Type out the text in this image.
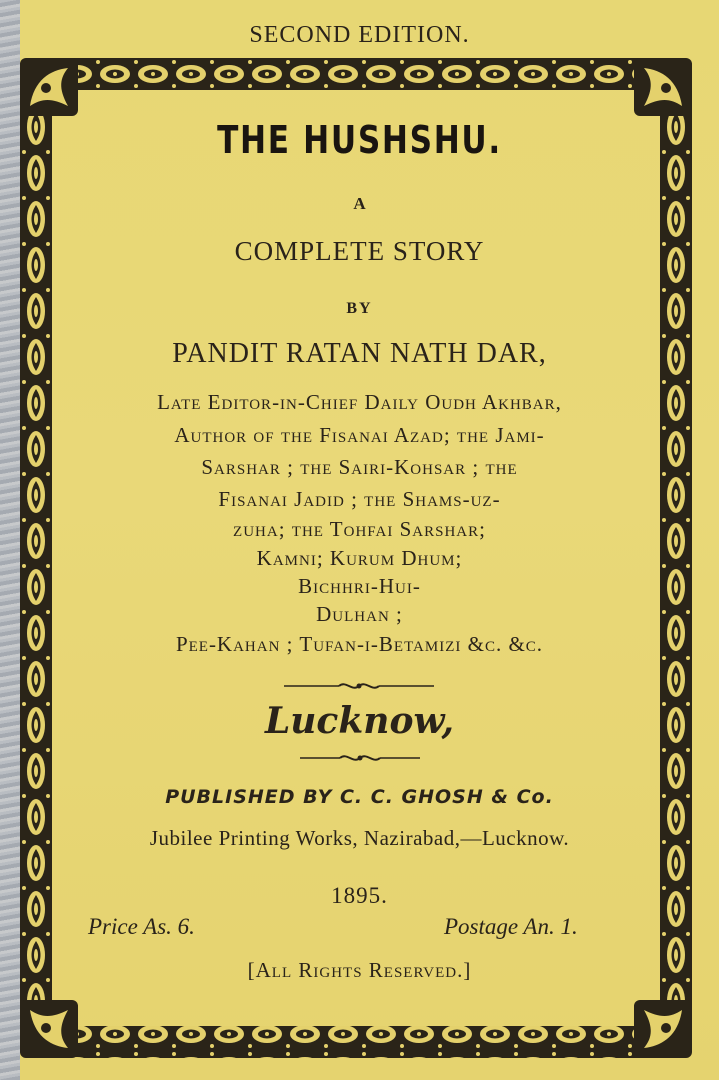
SECOND EDITION.
THE HUSHSHU.
A
COMPLETE STORY
BY
PANDIT RATAN NATH DAR,
Late Editor-in-Chief Daily Oudh Akhbar,
Author of the Fisanai Azad; the Jami-
Sarshar ; the Sairi-Kohsar ; the
Fisanai Jadid ; the Shams-uz-
zuha; the Tohfai Sarshar;
Kamni; Kurum Dhum;
Bichhri-Hui-
Dulhan ;
Pee-Kahan ; Tufan-i-Betamizi &c. &c.
Lucknow,
PUBLISHED BY C. C. GHOSH & Co.
Jubilee Printing Works, Nazirabad,—Lucknow.
1895.
Price As. 6.	Postage An. 1.
[All Rights Reserved.]
